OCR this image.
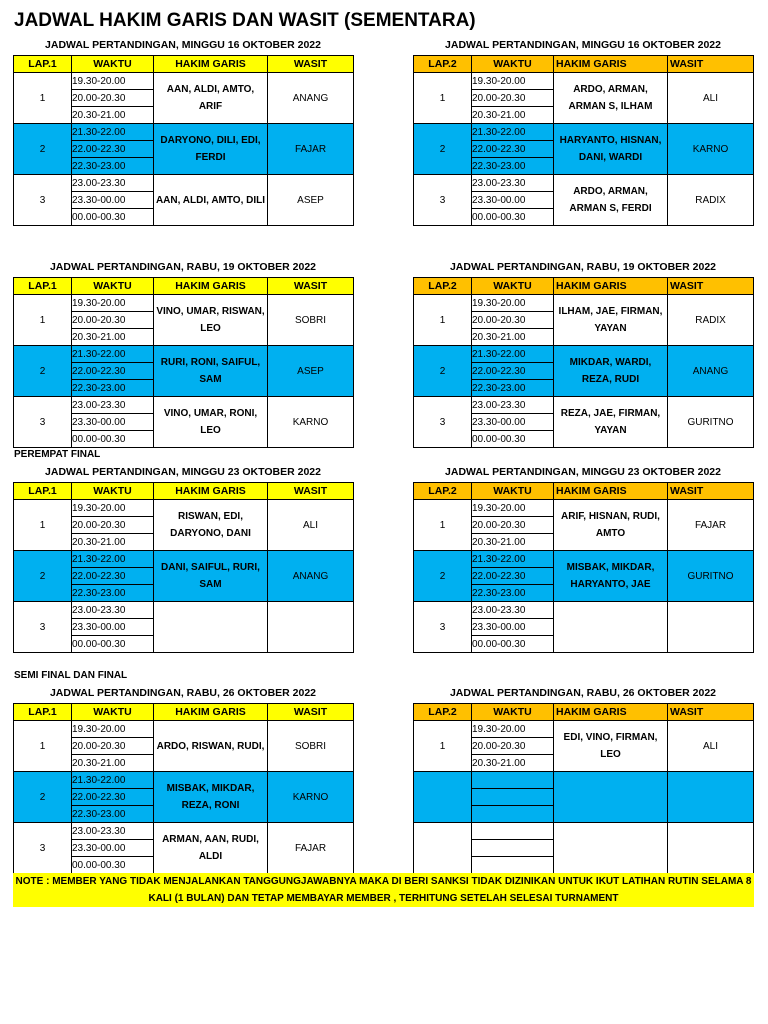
JADWAL HAKIM GARIS DAN WASIT (SEMENTARA)
PEREMPAT FINAL
SEMI FINAL DAN FINAL
JADWAL PERTANDINGAN, MINGGU 16 OKTOBER 2022
LAP.1	WAKTU	HAKIM GARIS	WASIT
1	19.30-20.00	AAN, ALDI, AMTO, ARIF	ANANG
	20.00-20.30		
	20.30-21.00		
2	21.30-22.00	DARYONO, DILI, EDI, FERDI	FAJAR
	22.00-22.30		
	22.30-23.00		
3	23.00-23.30	AAN, ALDI, AMTO, DILI	ASEP
	23.30-00.00		
	00.00-00.30		
JADWAL PERTANDINGAN, MINGGU 16 OKTOBER 2022
LAP.2	WAKTU	HAKIM GARIS	WASIT
1	19.30-20.00	ARDO, ARMAN, ARMAN S, ILHAM	ALI
	20.00-20.30		
	20.30-21.00		
2	21.30-22.00	HARYANTO, HISNAN, DANI, WARDI	KARNO
	22.00-22.30		
	22.30-23.00		
3	23.00-23.30	ARDO, ARMAN, ARMAN S, FERDI	RADIX
	23.30-00.00		
	00.00-00.30		
JADWAL PERTANDINGAN, RABU, 19 OKTOBER 2022
LAP.1	WAKTU	HAKIM GARIS	WASIT
1	19.30-20.00	VINO, UMAR, RISWAN, LEO	SOBRI
	20.00-20.30		
	20.30-21.00		
2	21.30-22.00	RURI, RONI, SAIFUL, SAM	ASEP
	22.00-22.30		
	22.30-23.00		
3	23.00-23.30	VINO, UMAR, RONI, LEO	KARNO
	23.30-00.00		
	00.00-00.30		
JADWAL PERTANDINGAN, RABU, 19 OKTOBER 2022
LAP.2	WAKTU	HAKIM GARIS	WASIT
1	19.30-20.00	ILHAM, JAE, FIRMAN, YAYAN	RADIX
	20.00-20.30		
	20.30-21.00		
2	21.30-22.00	MIKDAR, WARDI, REZA, RUDI	ANANG
	22.00-22.30		
	22.30-23.00		
3	23.00-23.30	REZA, JAE, FIRMAN, YAYAN	GURITNO
	23.30-00.00		
	00.00-00.30		
JADWAL PERTANDINGAN, MINGGU 23 OKTOBER 2022
LAP.1	WAKTU	HAKIM GARIS	WASIT
1	19.30-20.00	RISWAN, EDI, DARYONO, DANI	ALI
	20.00-20.30		
	20.30-21.00		
2	21.30-22.00	DANI, SAIFUL, RURI, SAM	ANANG
	22.00-22.30		
	22.30-23.00		
3	23.00-23.30		
	23.30-00.00		
	00.00-00.30		
JADWAL PERTANDINGAN, MINGGU 23 OKTOBER 2022
LAP.2	WAKTU	HAKIM GARIS	WASIT
1	19.30-20.00	ARIF, HISNAN, RUDI, AMTO	FAJAR
	20.00-20.30		
	20.30-21.00		
2	21.30-22.00	MISBAK, MIKDAR, HARYANTO, JAE	GURITNO
	22.00-22.30		
	22.30-23.00		
3	23.00-23.30		
	23.30-00.00		
	00.00-00.30		
JADWAL PERTANDINGAN, RABU, 26 OKTOBER 2022
LAP.1	WAKTU	HAKIM GARIS	WASIT
1	19.30-20.00	ARDO, RISWAN, RUDI,	SOBRI
	20.00-20.30		
	20.30-21.00		
2	21.30-22.00	MISBAK, MIKDAR, REZA, RONI	KARNO
	22.00-22.30		
	22.30-23.00		
3	23.00-23.30	ARMAN, AAN, RUDI, ALDI	FAJAR
	23.30-00.00		
	00.00-00.30		
JADWAL PERTANDINGAN, RABU, 26 OKTOBER 2022
LAP.2	WAKTU	HAKIM GARIS	WASIT
1	19.30-20.00	EDI, VINO, FIRMAN, LEO	ALI
	20.00-20.30		
	20.30-21.00		

NOTE : MEMBER YANG TIDAK MENJALANKAN TANGGUNGJAWABNYA MAKA DI BERI SANKSI TIDAK DIZINIKAN UNTUK IKUT LATIHAN RUTIN SELAMA 8 KALI (1 BULAN) DAN TETAP MEMBAYAR MEMBER , TERHITUNG SETELAH SELESAI TURNAMENT
